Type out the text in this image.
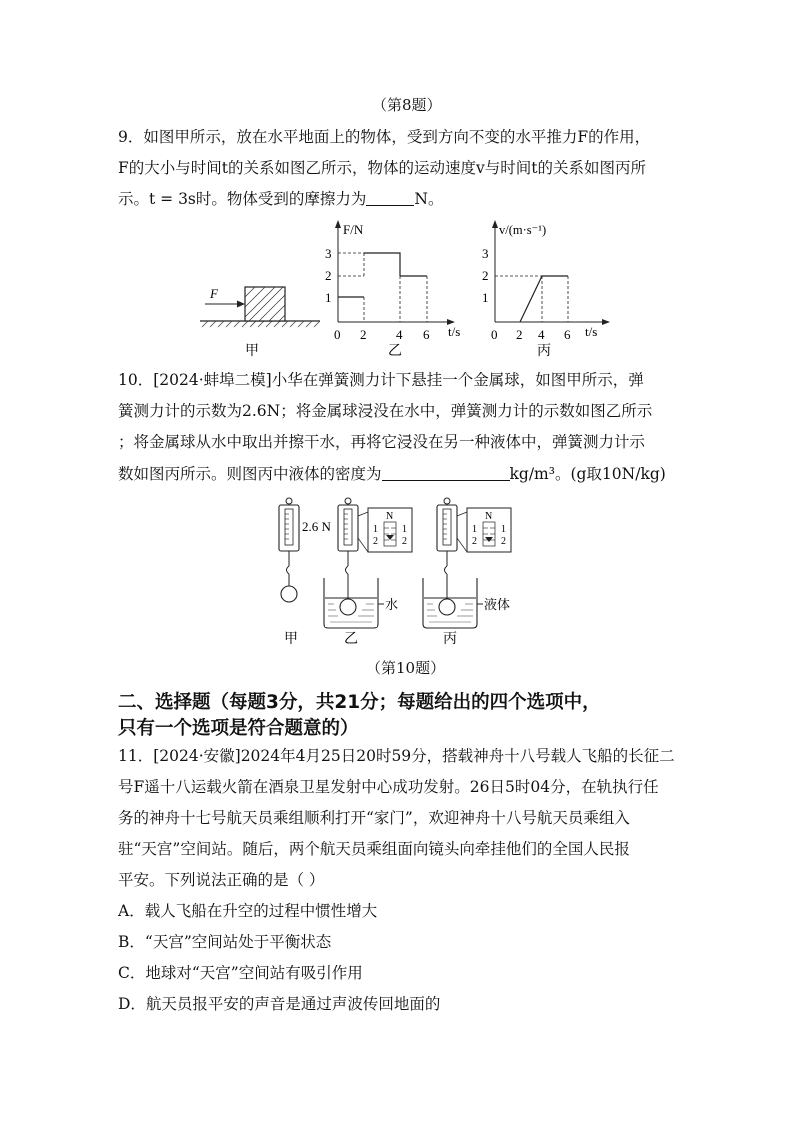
（第8题）
9．如图甲所示，放在水平地面上的物体，受到方向不变的水平推力F的作用，
F的大小与时间t的关系如图乙所示，物体的运动速度v与时间t的关系如图丙所
示。t = 3s时。物体受到的摩擦力为	N。
F
甲
F/N
t/s
0 2 4 6
1
2
3
乙
v/(m·s⁻¹)
t/s
0 2 4 6
1
2
3
丙
10．[2024·蚌埠二模]小华在弹簧测力计下悬挂一个金属球，如图甲所示，弹
簧测力计的示数为2.6N；将金属球浸没在水中，弹簧测力计的示数如图乙所示
；将金属球从水中取出并擦干水，再将它浸没在另一种液体中，弹簧测力计示
数如图丙所示。则图丙中液体的密度为	kg/m³。(g取10N/kg)
2.6 N
甲
水
乙
N
1
2
1
2
液体
丙
N
1
2
1
2
（第10题）
二、选择题（每题3分，共21分；每题给出的四个选项中，
只有一个选项是符合题意的）
11．[2024·安徽]2024年4月25日20时59分，搭载神舟十八号载人飞船的长征二
号F遥十八运载火箭在酒泉卫星发射中心成功发射。26日5时04分，在轨执行任
务的神舟十七号航天员乘组顺利打开“家门”，欢迎神舟十八号航天员乘组入
驻“天宫”空间站。随后，两个航天员乘组面向镜头向牵挂他们的全国人民报
平安。下列说法正确的是（ ）
A．载人飞船在升空的过程中惯性增大
B．“天宫”空间站处于平衡状态
C．地球对“天宫”空间站有吸引作用
D．航天员报平安的声音是通过声波传回地面的
